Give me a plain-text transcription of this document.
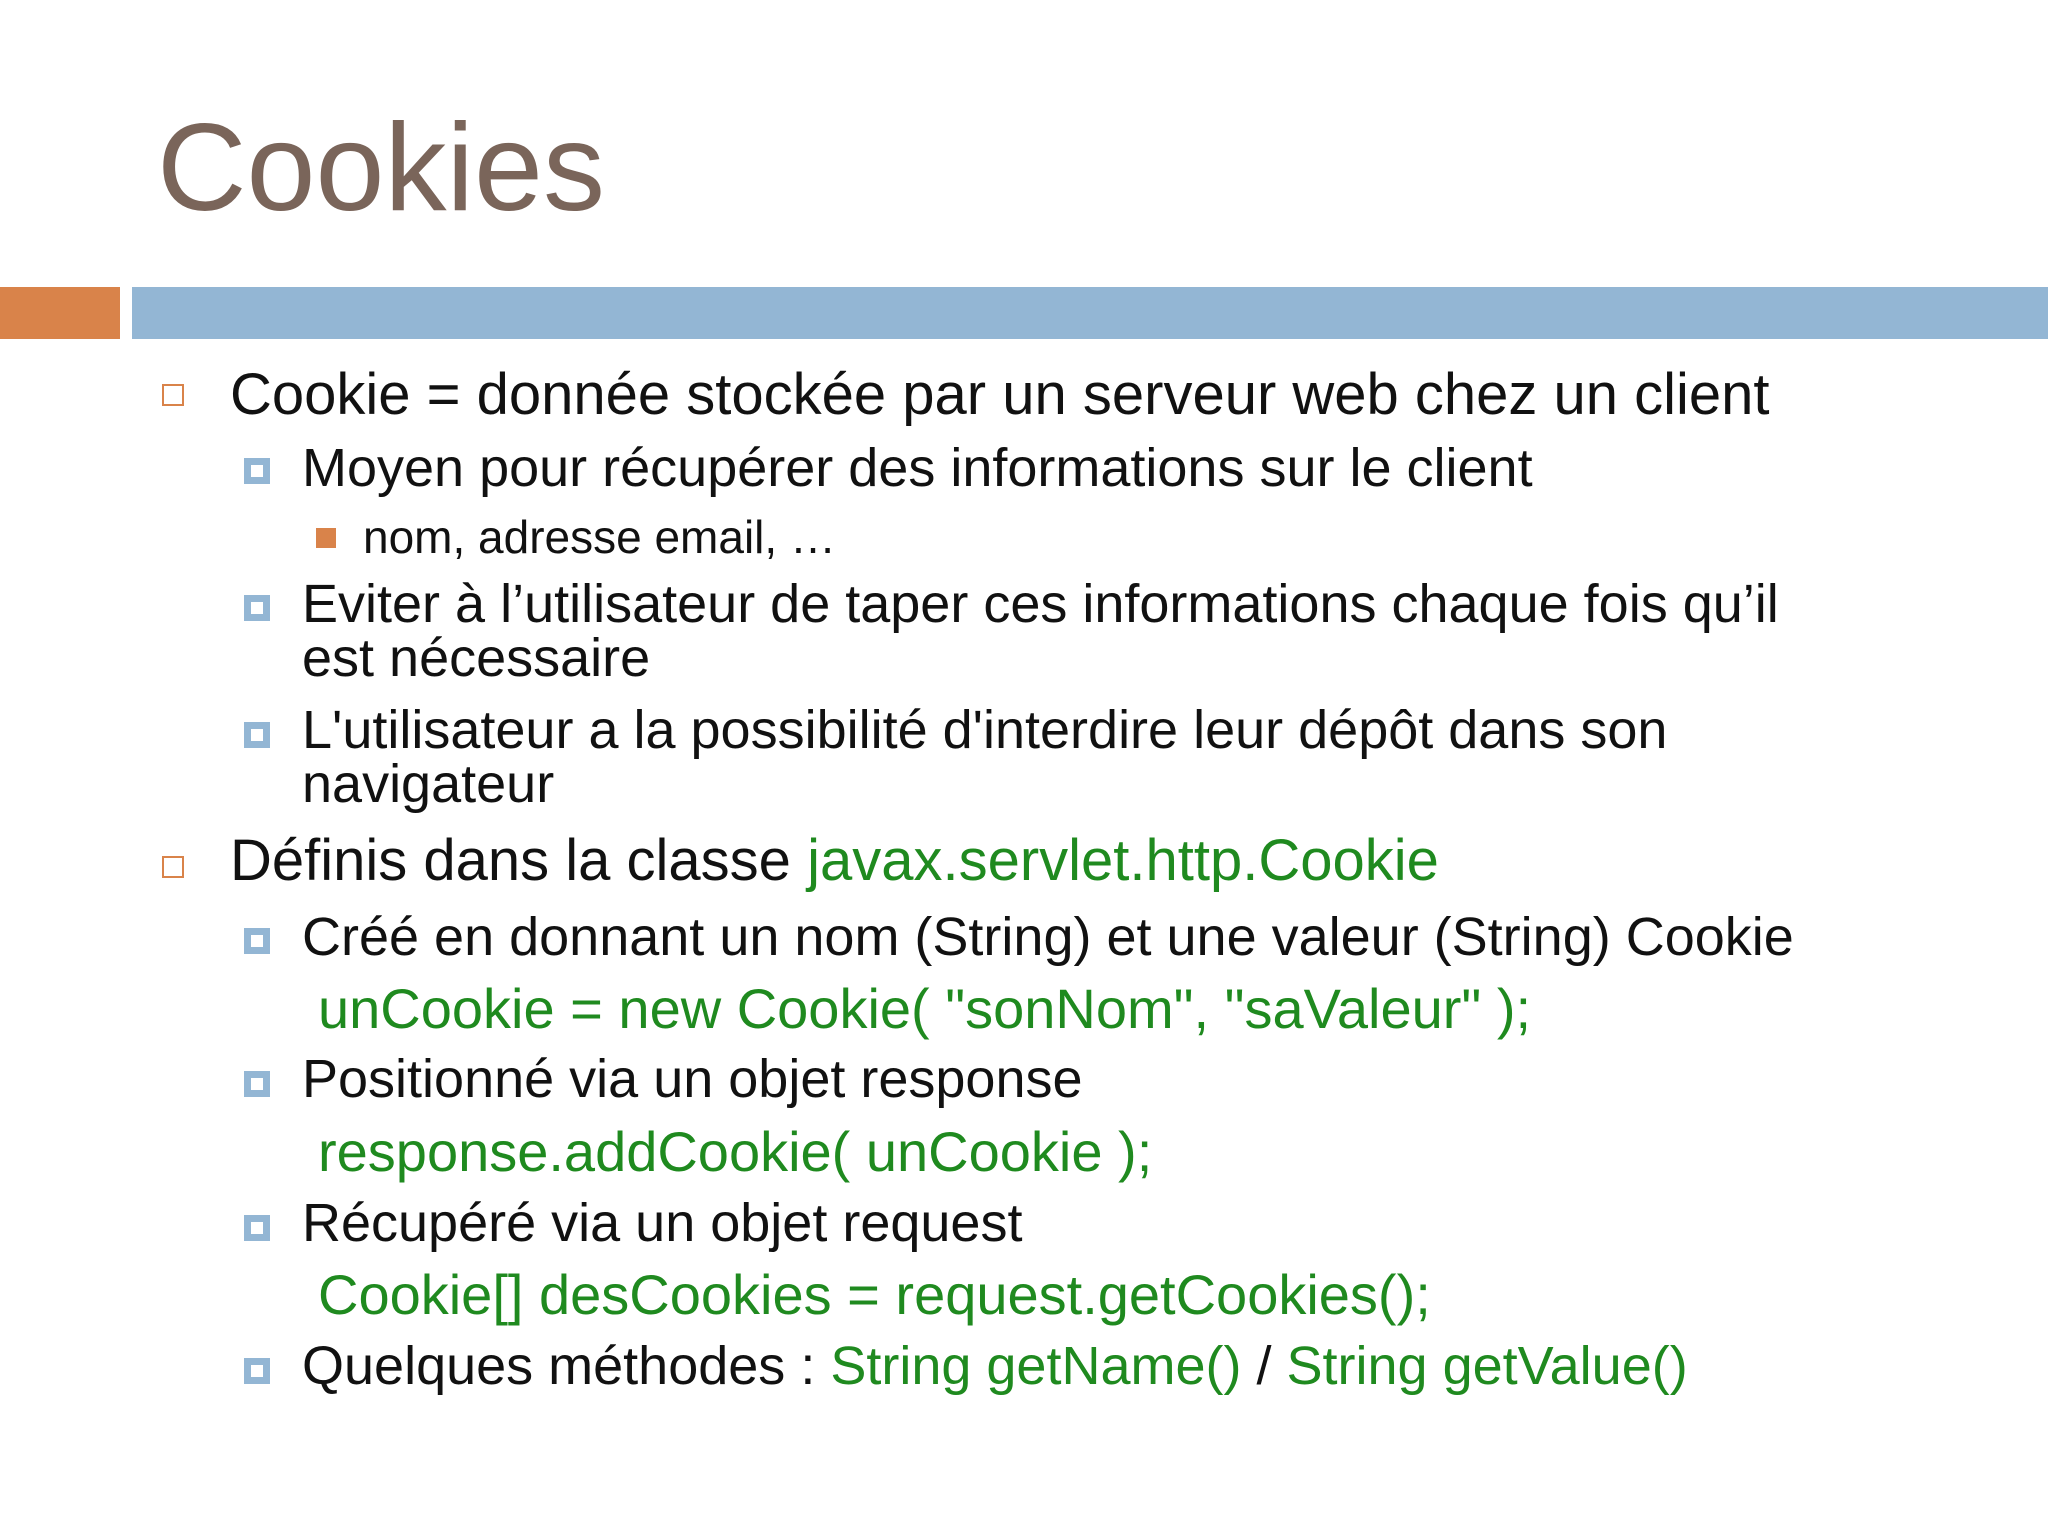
Cookies
Cookie = donnée stockée par un serveur web chez un client
Moyen pour récupérer des informations sur le client
nom, adresse email, …
Eviter à l’utilisateur de taper ces informations chaque fois qu’il
est nécessaire
L'utilisateur a la possibilité d'interdire leur dépôt dans son
navigateur
Définis dans la classe javax.servlet.http.Cookie
Créé en donnant un nom (String) et une valeur (String) Cookie
unCookie = new Cookie( "sonNom", "saValeur" );
Positionné via un objet response
response.addCookie( unCookie );
Récupéré via un objet request
Cookie[] desCookies = request.getCookies();
Quelques méthodes : String getName() / String getValue()
